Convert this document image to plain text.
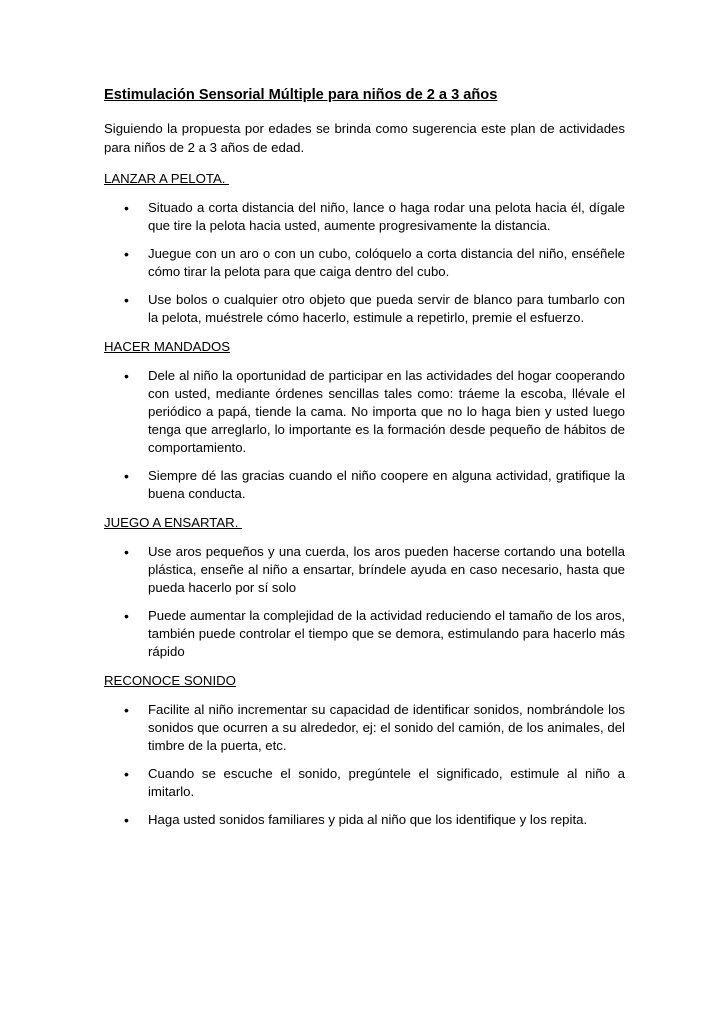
Estimulación Sensorial Múltiple para niños de 2 a 3 años

Siguiendo la propuesta por edades se brinda como sugerencia este plan de actividades para niños de 2 a 3 años de edad.

LANZAR A PELOTA.
• Situado a corta distancia del niño, lance o haga rodar una pelota hacia él, dígale que tire la pelota hacia usted, aumente progresivamente la distancia.
• Juegue con un aro o con un cubo, colóquelo a corta distancia del niño, enséñele cómo tirar la pelota para que caiga dentro del cubo.
• Use bolos o cualquier otro objeto que pueda servir de blanco para tumbarlo con la pelota, muéstrele cómo hacerlo, estimule a repetirlo, premie el esfuerzo.
HACER MANDADOS
• Dele al niño la oportunidad de participar en las actividades del hogar cooperando con usted, mediante órdenes sencillas tales como: tráeme la escoba, llévale el periódico a papá, tiende la cama. No importa que no lo haga bien y usted luego tenga que arreglarlo, lo importante es la formación desde pequeño de hábitos de comportamiento.
• Siempre dé las gracias cuando el niño coopere en alguna actividad, gratifique la buena conducta.
JUEGO A ENSARTAR.
• Use aros pequeños y una cuerda, los aros pueden hacerse cortando una botella plástica, enseñe al niño a ensartar, bríndele ayuda en caso necesario, hasta que pueda hacerlo por sí solo
• Puede aumentar la complejidad de la actividad reduciendo el tamaño de los aros, también puede controlar el tiempo que se demora, estimulando para hacerlo más rápido
RECONOCE SONIDO
• Facilite al niño incrementar su capacidad de identificar sonidos, nombrándole los sonidos que ocurren a su alrededor, ej: el sonido del camión, de los animales, del timbre de la puerta, etc.
• Cuando se escuche el sonido, pregúntele el significado, estimule al niño a imitarlo.
• Haga usted sonidos familiares y pida al niño que los identifique y los repita.
